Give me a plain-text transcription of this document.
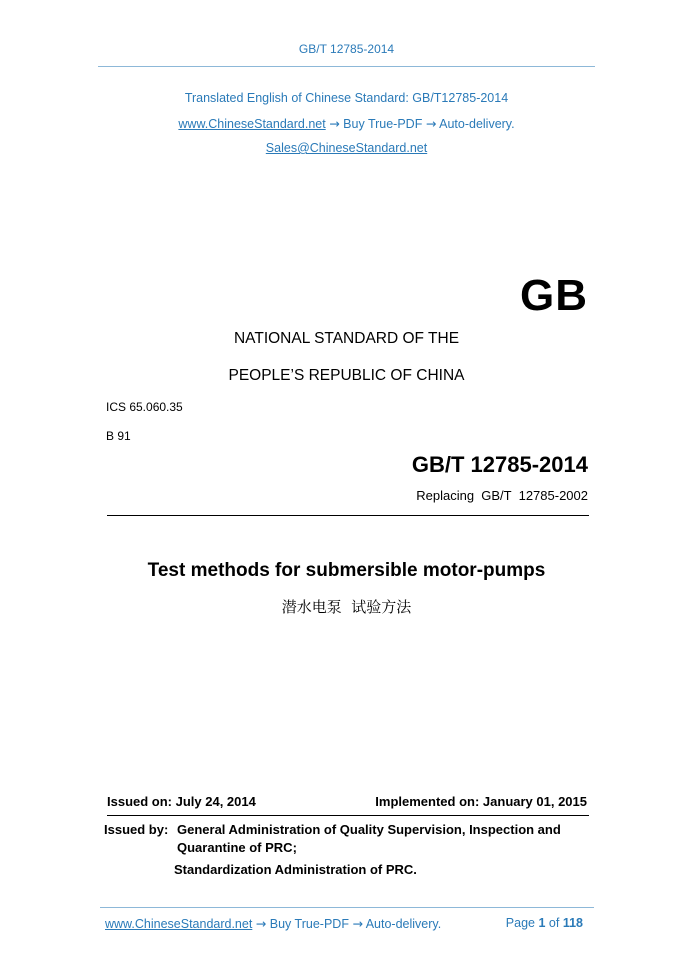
GB/T 12785-2014
Translated English of Chinese Standard: GB/T12785-2014
www.ChineseStandard.net → Buy True-PDF → Auto-delivery.
Sales@ChineseStandard.net
GB
NATIONAL STANDARD OF THE
PEOPLE’S REPUBLIC OF CHINA
ICS 65.060.35
B 91
GB/T 12785-2014
Replacing  GB/T  12785-2002
Test methods for submersible motor-pumps
潜水电泵  试验方法
Issued on: July 24, 2014	Implemented on: January 01, 2015
Issued by: General Administration of Quality Supervision, Inspection and
Quarantine of PRC;
Standardization Administration of PRC.
www.ChineseStandard.net → Buy True-PDF → Auto-delivery.	Page 1 of 118
